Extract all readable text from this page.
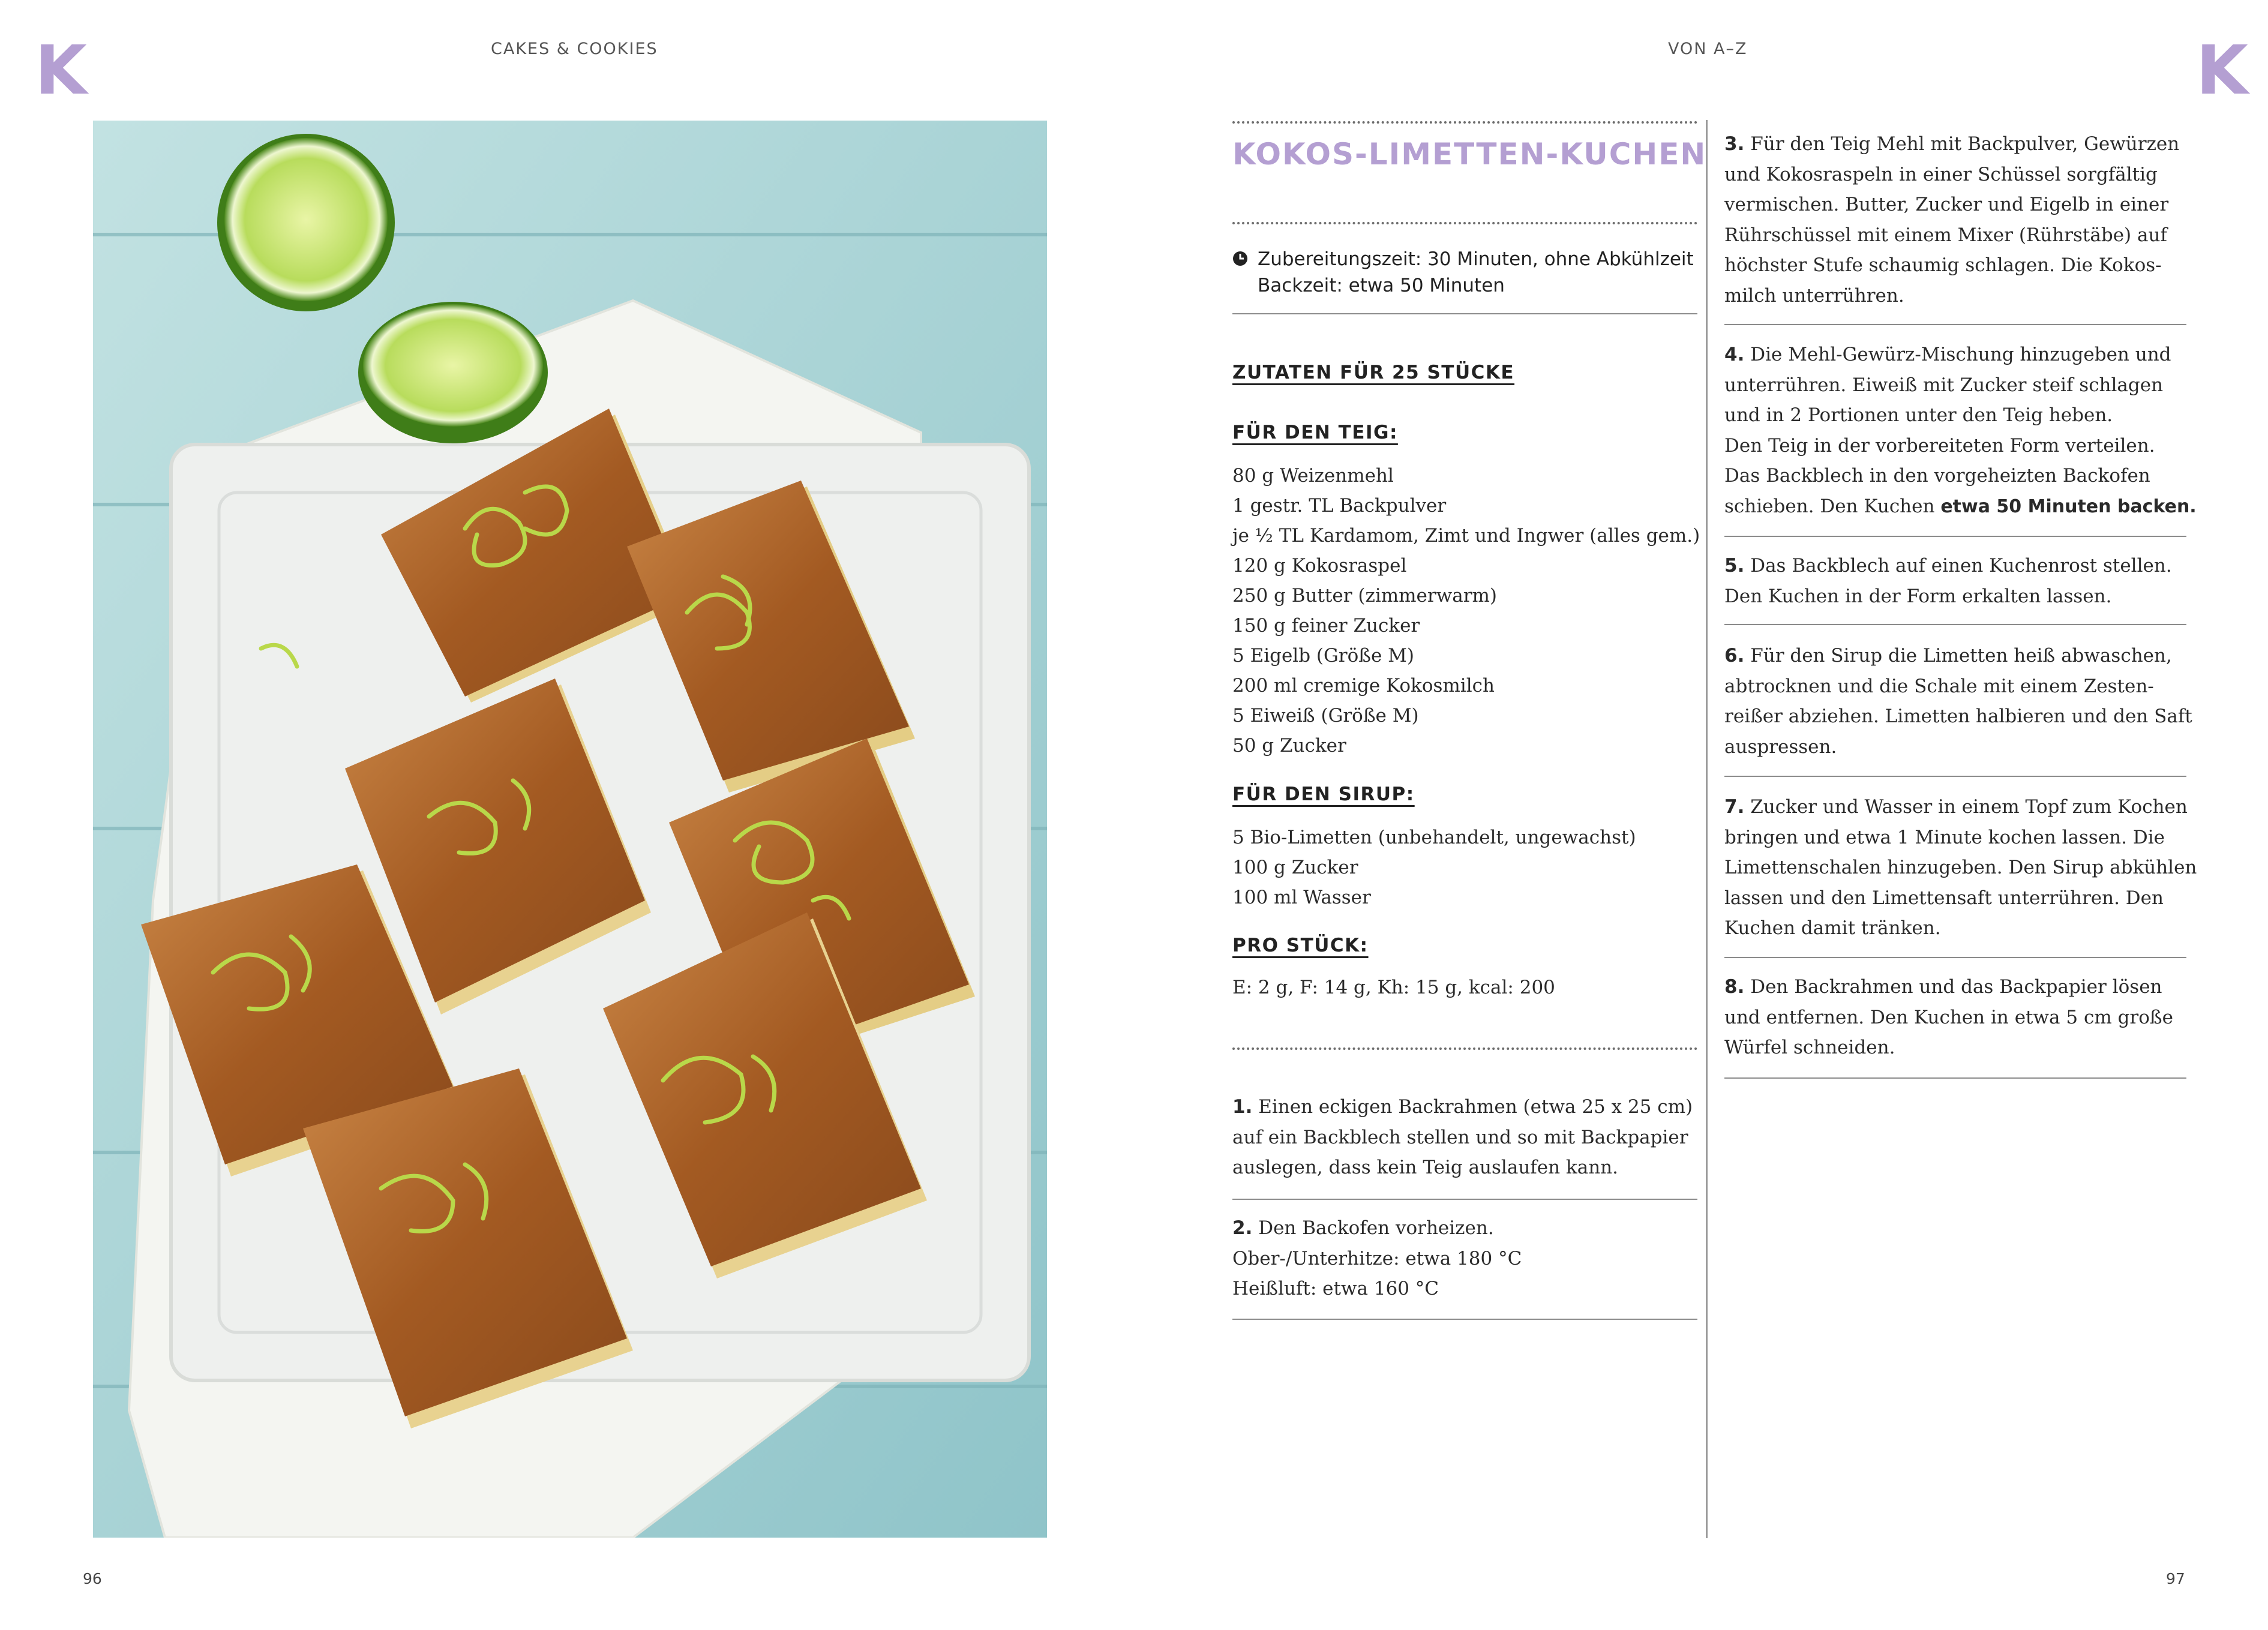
K	K
CAKES & COOKIES	VON A–Z
96	97
KOKOS-LIMETTEN-KUCHEN
Zubereitungszeit: 30 Minuten, ohne Abkühlzeit
Backzeit: etwa 50 Minuten
ZUTATEN FÜR 25 STÜCKE
FÜR DEN TEIG:
80 g Weizenmehl
1 gestr. TL Backpulver
je ½ TL Kardamom, Zimt und Ingwer (alles gem.)
120 g Kokosraspel
250 g Butter (zimmerwarm)
150 g feiner Zucker
5 Eigelb (Größe M)
200 ml cremige Kokosmilch
5 Eiweiß (Größe M)
50 g Zucker
FÜR DEN SIRUP:
5 Bio-Limetten (unbehandelt, ungewachst)
100 g Zucker
100 ml Wasser
PRO STÜCK:
E: 2 g, F: 14 g, Kh: 15 g, kcal: 200
1. Einen eckigen Backrahmen (etwa 25 x 25 cm)
auf ein Backblech stellen und so mit Backpapier
auslegen, dass kein Teig auslaufen kann.
2. Den Backofen vorheizen.
Ober-/Unterhitze: etwa 180 °C
Heißluft: etwa 160 °C
3. Für den Teig Mehl mit Backpulver, Gewürzen
und Kokosraspeln in einer Schüssel sorgfältig
vermischen. Butter, Zucker und Eigelb in einer
Rührschüssel mit einem Mixer (Rührstäbe) auf
höchster Stufe schaumig schlagen. Die Kokos-
milch unterrühren.
4. Die Mehl-Gewürz-Mischung hinzugeben und
unterrühren. Eiweiß mit Zucker steif schlagen
und in 2 Portionen unter den Teig heben.
Den Teig in der vorbereiteten Form verteilen.
Das Backblech in den vorgeheizten Backofen
schieben. Den Kuchen etwa 50 Minuten backen.
5. Das Backblech auf einen Kuchenrost stellen.
Den Kuchen in der Form erkalten lassen.
6. Für den Sirup die Limetten heiß abwaschen,
abtrocknen und die Schale mit einem Zesten-
reißer abziehen. Limetten halbieren und den Saft
auspressen.
7. Zucker und Wasser in einem Topf zum Kochen
bringen und etwa 1 Minute kochen lassen. Die
Limettenschalen hinzugeben. Den Sirup abkühlen
lassen und den Limettensaft unterrühren. Den
Kuchen damit tränken.
8. Den Backrahmen und das Backpapier lösen
und entfernen. Den Kuchen in etwa 5 cm große
Würfel schneiden.
